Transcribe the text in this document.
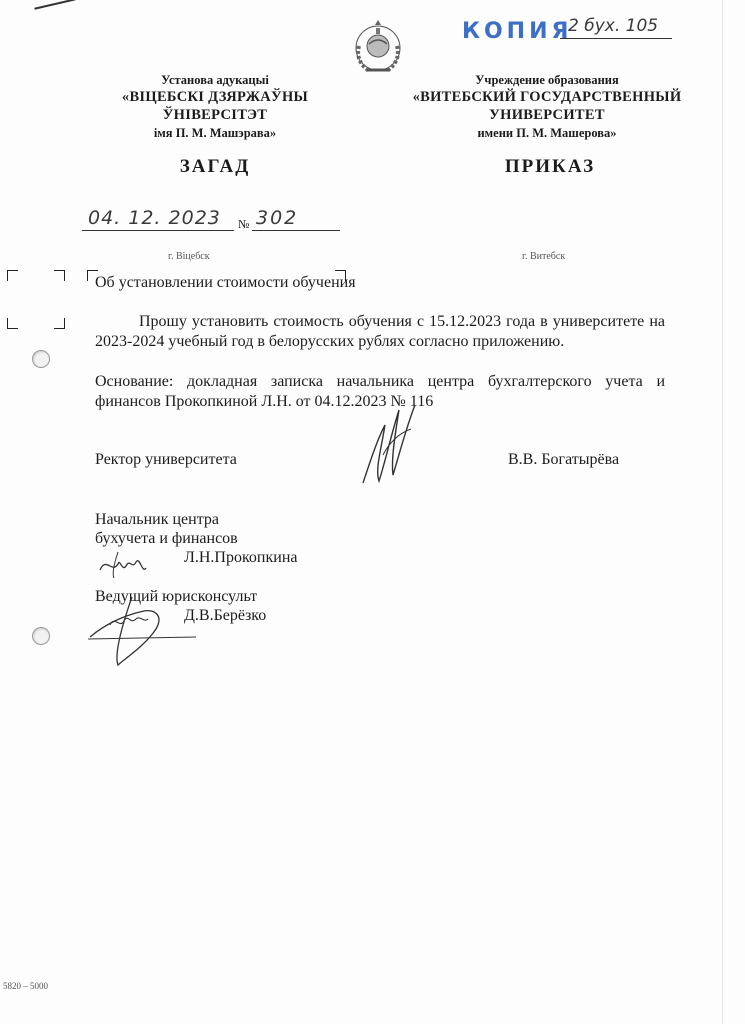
КОПИЯ
2 бух. 105
Установа адукацыі
«ВІЦЕБСКІ ДЗЯРЖАЎНЫ
ЎНІВЕРСІТЭТ
імя П. М. Машэрава»
Учреждение образования
«ВИТЕБСКИЙ ГОСУДАРСТВЕННЫЙ
УНИВЕРСИТЕТ
имени П. М. Машерова»
ЗАГАД	ПРИКАЗ
04. 12. 2023 № 302
г. Віцебск	г. Витебск
Об установлении стоимости обучения
Прошу установить стоимость обучения с 15.12.2023 года в университете на 2023-2024 учебный год в белорусских рублях согласно приложению.
Основание: докладная записка начальника центра бухгалтерского учета и финансов Прокопкиной Л.Н. от 04.12.2023 № 116
Ректор университета	В.В. Богатырёва
Начальник центра
бухучета и финансов
Л.Н.Прокопкина
Ведущий юрисконсульт
Д.В.Берёзко
5820 – 5000
